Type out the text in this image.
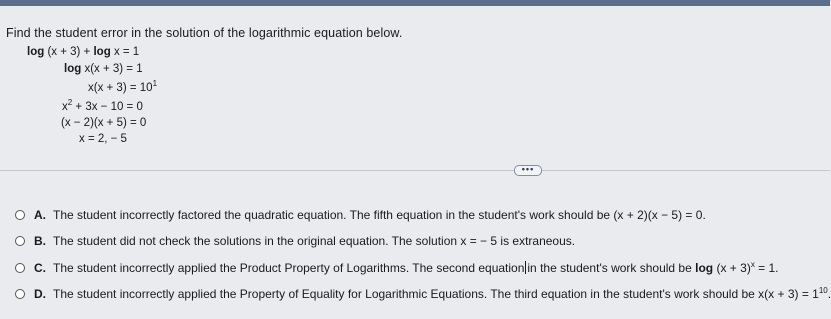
Find the student error in the solution of the logarithmic equation below.
log (x + 3) + log x = 1
log x(x + 3) = 1
$x(x + 3) = 10^1$
$x^2 + 3x - 10 = 0$
(x − 2)(x + 5) = 0
x = 2, − 5
•••
A. The student incorrectly factored the quadratic equation. The fifth equation in the student's work should be (x + 2)(x − 5) = 0.
B. The student did not check the solutions in the original equation. The solution x = − 5 is extraneous.
C. The student incorrectly applied the Product Property of Logarithms. The second equation in the student's work should be $\log (x + 3)^x = 1$.
D. The student incorrectly applied the Property of Equality for Logarithmic Equations. The third equation in the student's work should be $x(x + 3) = 1^{10}$.
